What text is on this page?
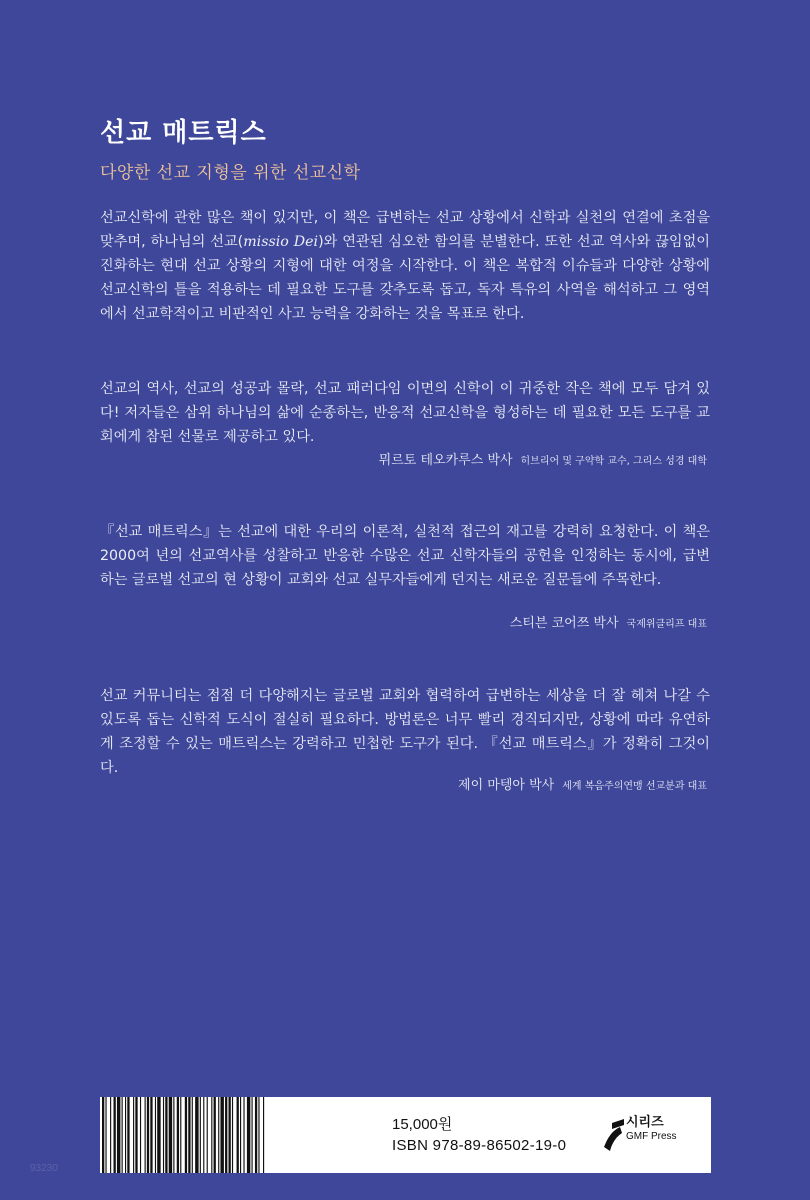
선교 매트릭스
다양한 선교 지형을 위한 선교신학
선교신학에 관한 많은 책이 있지만, 이 책은 급변하는 선교 상황에서 신학과 실천의 연결에 초점을 맞추며, 하나님의 선교(missio Dei)와 연관된 심오한 함의를 분별한다. 또한 선교 역사와 끊임없이 진화하는 현대 선교 상황의 지형에 대한 여정을 시작한다. 이 책은 복합적 이슈들과 다양한 상황에 선교신학의 틀을 적용하는 데 필요한 도구를 갖추도록 돕고, 독자 특유의 사역을 해석하고 그 영역에서 선교학적이고 비판적인 사고 능력을 강화하는 것을 목표로 한다.
선교의 역사, 선교의 성공과 몰락, 선교 패러다임 이면의 신학이 이 귀중한 작은 책에 모두 담겨 있다! 저자들은 삼위 하나님의 삶에 순종하는, 반응적 선교신학을 형성하는 데 필요한 모든 도구를 교회에게 참된 선물로 제공하고 있다.
뮈르토 테오카루스 박사 히브리어 및 구약학 교수, 그리스 성경 대학
『선교 매트릭스』는 선교에 대한 우리의 이론적, 실천적 접근의 재고를 강력히 요청한다. 이 책은 2000여 년의 선교역사를 성찰하고 반응한 수많은 선교 신학자들의 공헌을 인정하는 동시에, 급변하는 글로벌 선교의 현 상황이 교회와 선교 실무자들에게 던지는 새로운 질문들에 주목한다.
스티븐 코어쯔 박사 국제위클리프 대표
선교 커뮤니티는 점점 더 다양해지는 글로벌 교회와 협력하여 급변하는 세상을 더 잘 헤쳐 나갈 수 있도록 돕는 신학적 도식이 절실히 필요하다. 방법론은 너무 빨리 경직되지만, 상황에 따라 유연하게 조정할 수 있는 매트릭스는 강력하고 민첩한 도구가 된다. 『선교 매트릭스』가 정확히 그것이다.
제이 마텡아 박사 세계 복음주의연맹 선교분과 대표
15,000원
ISBN 978-89-86502-19-0
시리즈
GMF Press
93230
